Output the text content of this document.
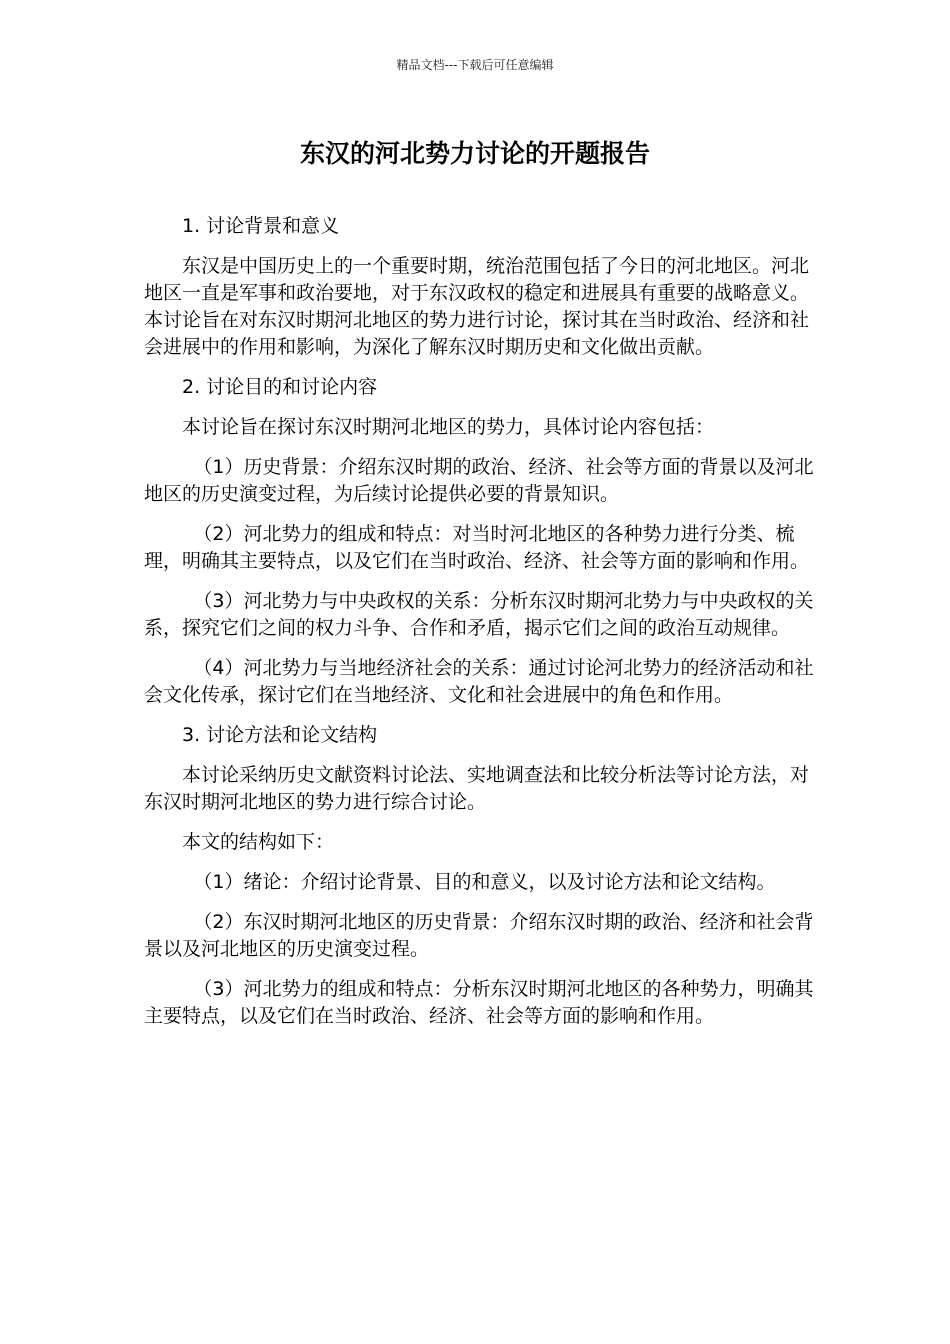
精品文档---下载后可任意编辑
东汉的河北势力讨论的开题报告

1. 讨论背景和意义

东汉是中国历史上的一个重要时期，统治范围包括了今日的河北地区。河北地区一直是军事和政治要地，对于东汉政权的稳定和进展具有重要的战略意义。本讨论旨在对东汉时期河北地区的势力进行讨论，探讨其在当时政治、经济和社会进展中的作用和影响，为深化了解东汉时期历史和文化做出贡献。

2. 讨论目的和讨论内容

本讨论旨在探讨东汉时期河北地区的势力，具体讨论内容包括：

（1）历史背景：介绍东汉时期的政治、经济、社会等方面的背景以及河北地区的历史演变过程，为后续讨论提供必要的背景知识。

（2）河北势力的组成和特点：对当时河北地区的各种势力进行分类、梳理，明确其主要特点，以及它们在当时政治、经济、社会等方面的影响和作用。

（3）河北势力与中央政权的关系：分析东汉时期河北势力与中央政权的关系，探究它们之间的权力斗争、合作和矛盾，揭示它们之间的政治互动规律。

（4）河北势力与当地经济社会的关系：通过讨论河北势力的经济活动和社会文化传承，探讨它们在当地经济、文化和社会进展中的角色和作用。

3. 讨论方法和论文结构

本讨论采纳历史文献资料讨论法、实地调查法和比较分析法等讨论方法，对东汉时期河北地区的势力进行综合讨论。

本文的结构如下：

（1）绪论：介绍讨论背景、目的和意义，以及讨论方法和论文结构。

（2）东汉时期河北地区的历史背景：介绍东汉时期的政治、经济和社会背景以及河北地区的历史演变过程。

（3）河北势力的组成和特点：分析东汉时期河北地区的各种势力，明确其主要特点，以及它们在当时政治、经济、社会等方面的影响和作用。
